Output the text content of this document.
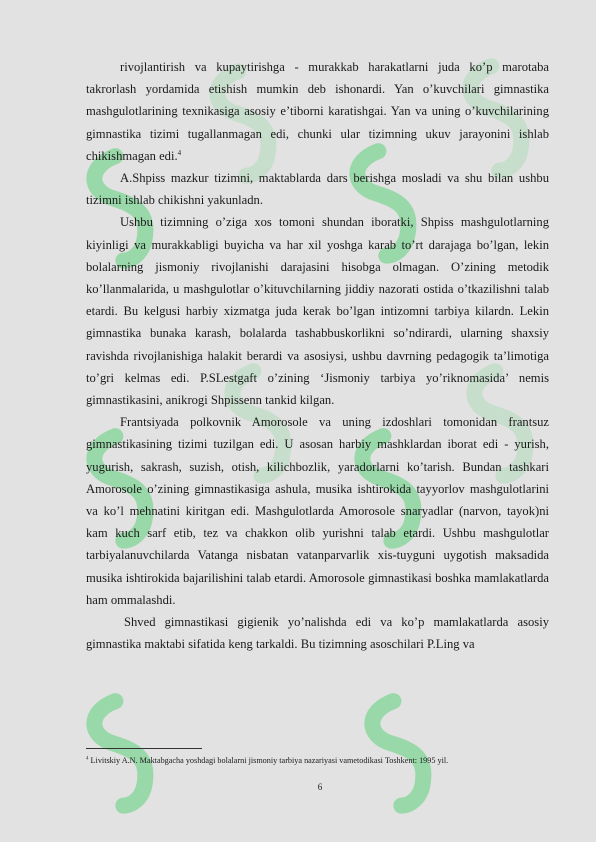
rivojlantirish va kupaytirishga - murakkab harakatlarni juda ko’p marotaba takrorlash yordamida etishish mumkin deb ishonardi. Yan o’kuvchilari gimnastika mashgulotlarining texnikasiga asosiy e’tiborni karatishgai. Yan va uning o’kuvchilarining gimnastika tizimi tugallanmagan edi, chunki ular tizimning ukuv jarayonini ishlab chikishmagan edi.$^4$

A.Shpiss mazkur tizimni, maktablarda dars berishga mosladi va shu bilan ushbu tizimni ishlab chikishni yakunladn.

Ushbu tizimning o’ziga xos tomoni shundan iboratki, Shpiss mashgulotlarning kiyinligi va murakkabligi buyicha va har xil yoshga karab to’rt darajaga bo’lgan, lekin bolalarning jismoniy rivojlanishi darajasini hisobga olmagan. O’zining metodik ko’llanmalarida, u mashgulotlar o’kituvchilarning jiddiy nazorati ostida o’tkazilishni talab etardi. Bu kelgusi harbiy xizmatga juda kerak bo’lgan intizomni tarbiya kilardn. Lekin gimnastika bunaka karash, bolalarda tashabbuskorlikni so’ndirardi, ularning shaxsiy ravishda rivojlanishiga halakit berardi va asosiysi, ushbu davrning pedagogik ta’limotiga to’gri kelmas edi. P.SLestgaft o’zining ‘Jismoniy tarbiya yo’riknomasida’ nemis gimnastikasini, anikrogi Shpissenn tankid kilgan.

Frantsiyada polkovnik Amorosole va uning izdoshlari tomonidan frantsuz gimnastikasining tizimi tuzilgan edi. U asosan harbiy mashklardan iborat edi - yurish, yugurish, sakrash, suzish, otish, kilichbozlik, yaradorlarni ko’tarish. Bundan tashkari Amorosole o’zining gimnastikasiga ashula, musika ishtirokida tayyorlov mashgulotlarini va ko’l mehnatini kiritgan edi. Mashgulotlarda Amorosole snaryadlar (narvon, tayok)ni kam kuch sarf etib, tez va chakkon olib yurishni talab etardi. Ushbu mashgulotlar tarbiyalanuvchilarda Vatanga nisbatan vatanparvarlik xis-tuyguni uygotish maksadida musika ishtirokida bajarilishini talab etardi. Amorosole gimnastikasi boshka mamlakatlarda ham ommalashdi.

Shved gimnastikasi gigienik yo’nalishda edi va ko’p mamlakatlarda asosiy gimnastika maktabi sifatida keng tarkaldi. Bu tizimning asoschilari P.Ling va

$^4$ Livitskiy A.N. Maktabgacha yoshdagi bolalarni jismoniy tarbiya nazariyasi vametodikasi Toshkent: 1995 yil.
6
